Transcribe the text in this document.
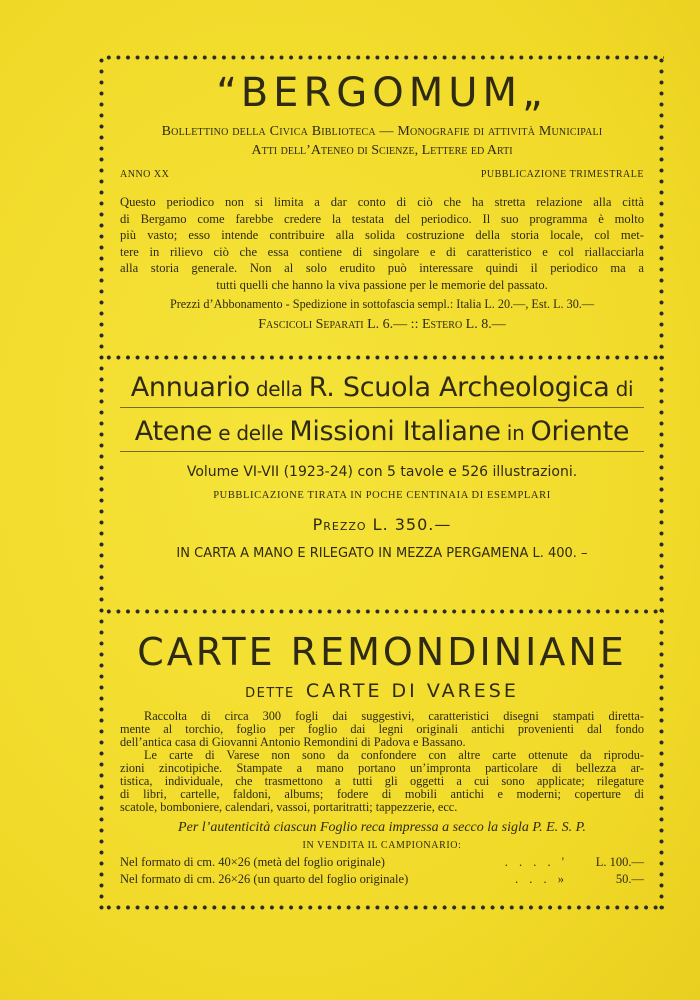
“BERGOMUM„
Bollettino della Civica Biblioteca — Monografie di attività Municipali
Atti dell’Ateneo di Scienze, Lettere ed Arti
ANNO XX	PUBBLICAZIONE TRIMESTRALE
Questo periodico non si limita a dar conto di ciò che ha stretta relazione alla città
di Bergamo come farebbe credere la testata del periodico. Il suo programma è molto
più vasto; esso intende contribuire alla solida costruzione della storia locale, col met-
tere in rilievo ciò che essa contiene di singolare e di caratteristico e col riallacciarla
alla storia generale. Non al solo erudito può interessare quindi il periodico ma a
tutti quelli che hanno la viva passione per le memorie del passato.
Prezzi d’Abbonamento - Spedizione in sottofascia sempl.: Italia L. 20.—, Est. L. 30.—
Fascicoli Separati L. 6.— :: Estero L. 8.—
Annuario della R. Scuola Archeologica di
Atene e delle Missioni Italiane in Oriente
Volume VI-VII (1923-24) con 5 tavole e 526 illustrazioni.
PUBBLICAZIONE TIRATA IN POCHE CENTINAIA DI ESEMPLARI
Prezzo L. 350.—
IN CARTA A MANO E RILEGATO IN MEZZA PERGAMENA L. 400. –
CARTE REMONDINIANE
DETTE CARTE DI VARESE
Raccolta di circa 300 fogli dai suggestivi, caratteristici disegni stampati diretta-
mente al torchio, foglio per foglio dai legni originali antichi provenienti dal fondo
dell’antica casa di Giovanni Antonio Remondini di Padova e Bassano.
Le carte di Varese non sono da confondere con altre carte ottenute da riprodu-
zioni zincotipiche. Stampate a mano portano un’impronta particolare di bellezza ar-
tistica, individuale, che trasmettono a tutti gli oggetti a cui sono applicate; rilegature
di libri, cartelle, faldoni, albums; fodere di mobili antichi e moderni; coperture di
scatole, bomboniere, calendari, vassoi, portaritratti; tappezzerie, ecc.
Per l’autenticità ciascun Foglio reca impressa a secco la sigla P. E. S. P.
IN VENDITA IL CAMPIONARIO:
Nel formato di cm. 40×26 (metà del foglio originale)	. . . . '	L. 100.—
Nel formato di cm. 26×26 (un quarto del foglio originale)	. . . »	50.—
